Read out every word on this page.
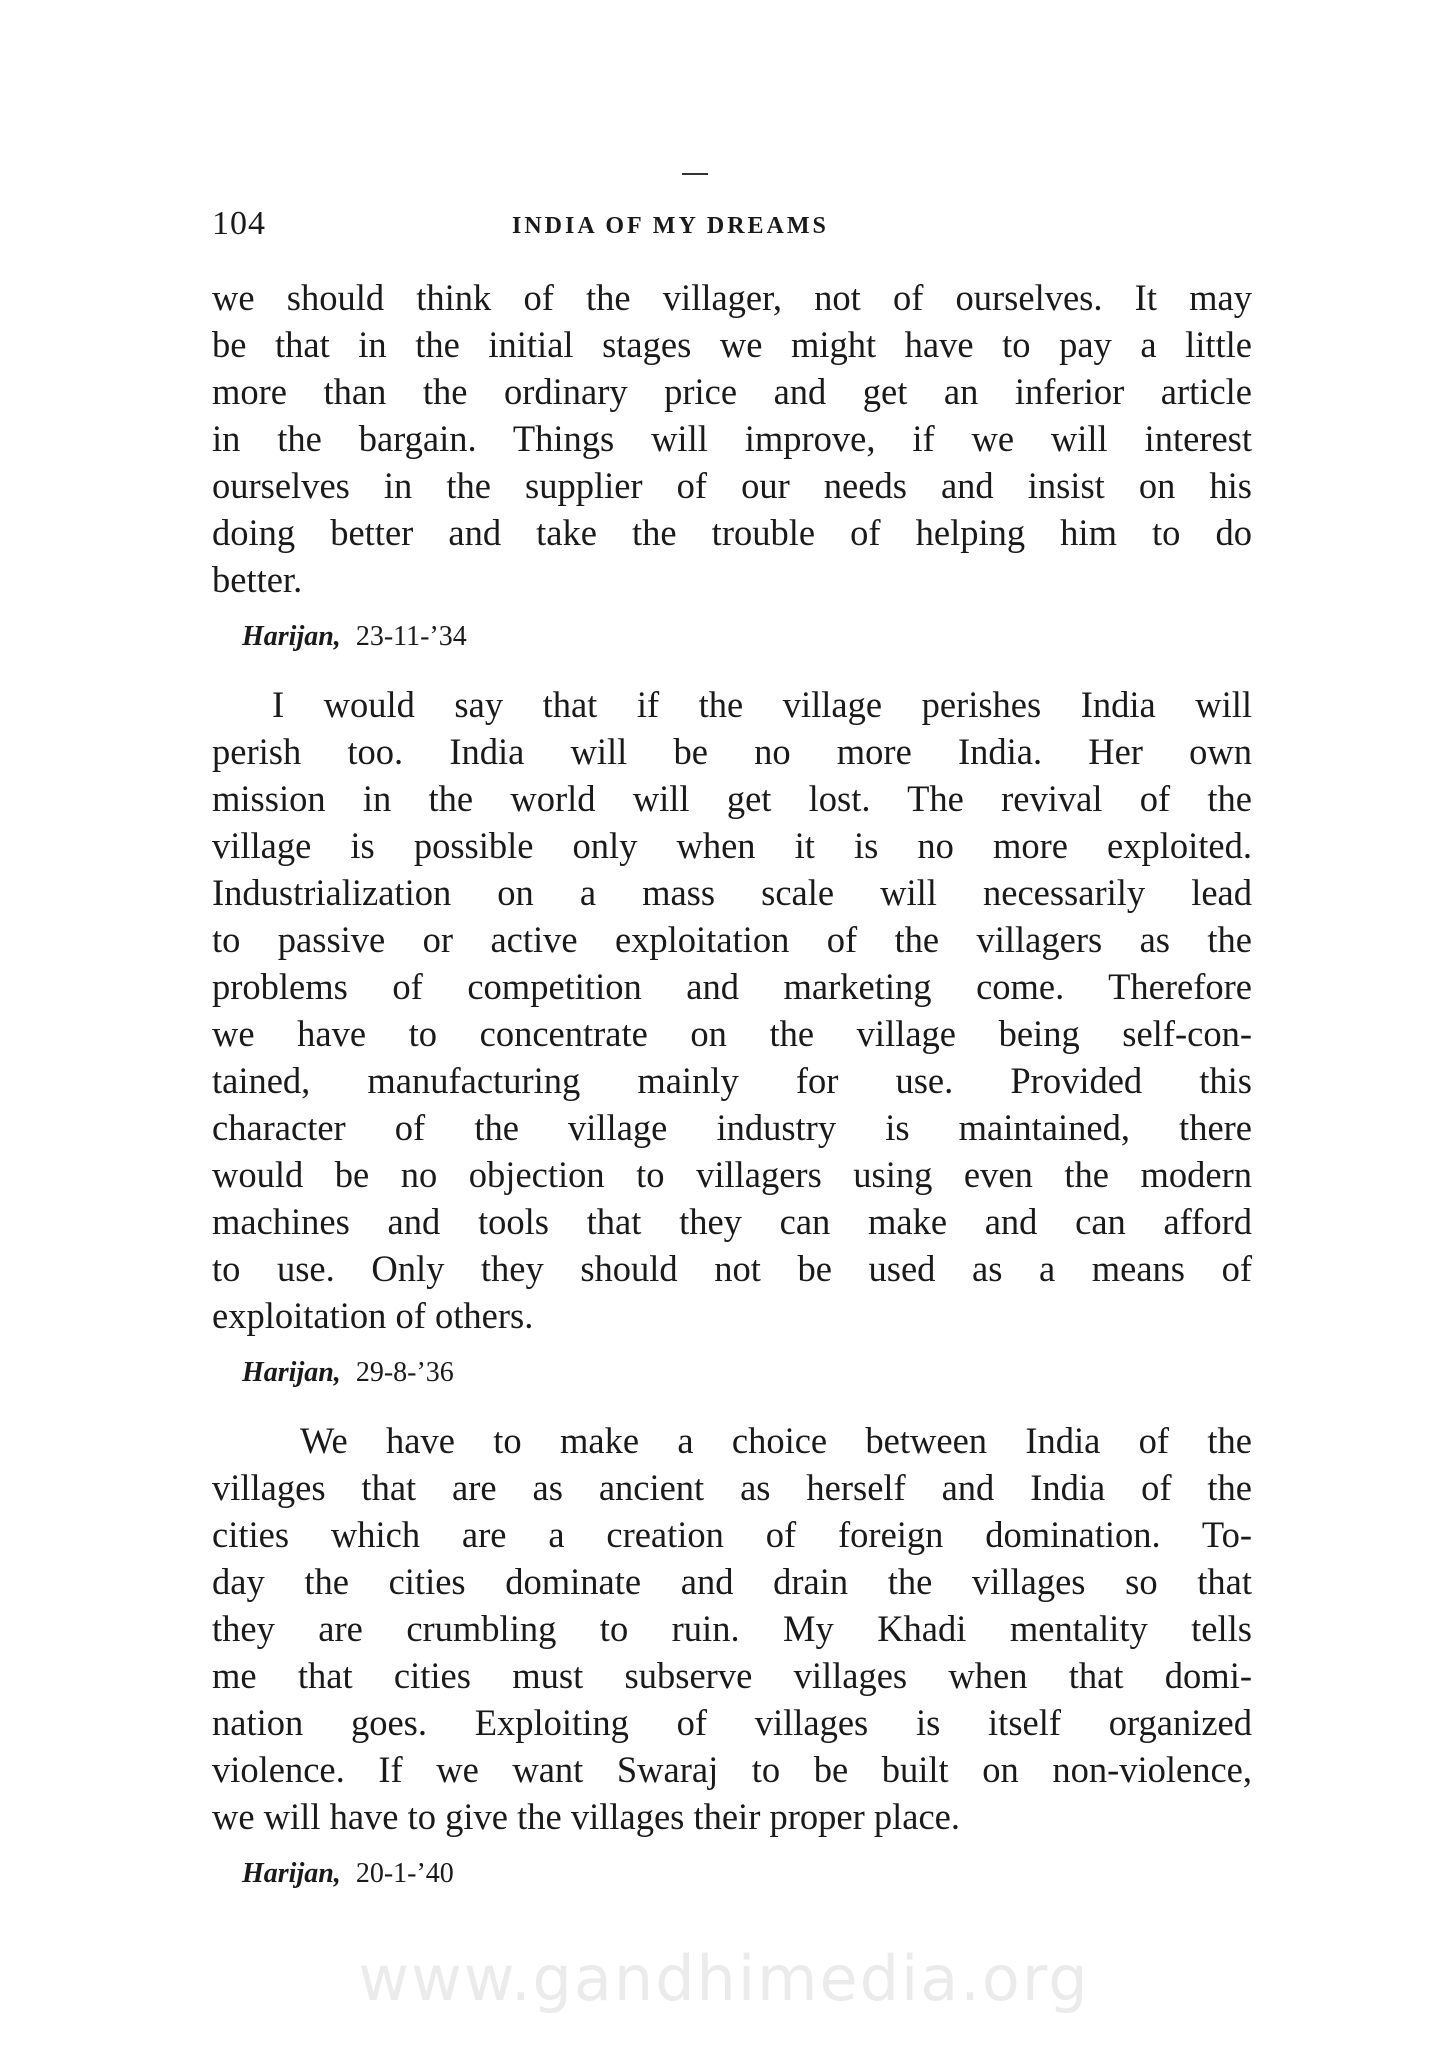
104	INDIA OF MY DREAMS

we should think of the villager, not of ourselves. It may
be that in the initial stages we might have to pay a little
more than the ordinary price and get an inferior article
in the bargain. Things will improve, if we will interest
ourselves in the supplier of our needs and insist on his
doing better and take the trouble of helping him to do
better.

Harijan, 23-11-’34

I would say that if the village perishes India will
perish too. India will be no more India. Her own
mission in the world will get lost. The revival of the
village is possible only when it is no more exploited.
Industrialization on a mass scale will necessarily lead
to passive or active exploitation of the villagers as the
problems of competition and marketing come. Therefore
we have to concentrate on the village being self-con-
tained, manufacturing mainly for use. Provided this
character of the village industry is maintained, there
would be no objection to villagers using even the modern
machines and tools that they can make and can afford
to use. Only they should not be used as a means of
exploitation of others.

Harijan, 29-8-’36

We have to make a choice between India of the
villages that are as ancient as herself and India of the
cities which are a creation of foreign domination. To-
day the cities dominate and drain the villages so that
they are crumbling to ruin. My Khadi mentality tells
me that cities must subserve villages when that domi-
nation goes. Exploiting of villages is itself organized
violence. If we want Swaraj to be built on non-violence,
we will have to give the villages their proper place.

Harijan, 20-1-’40
www.gandhimedia.org
